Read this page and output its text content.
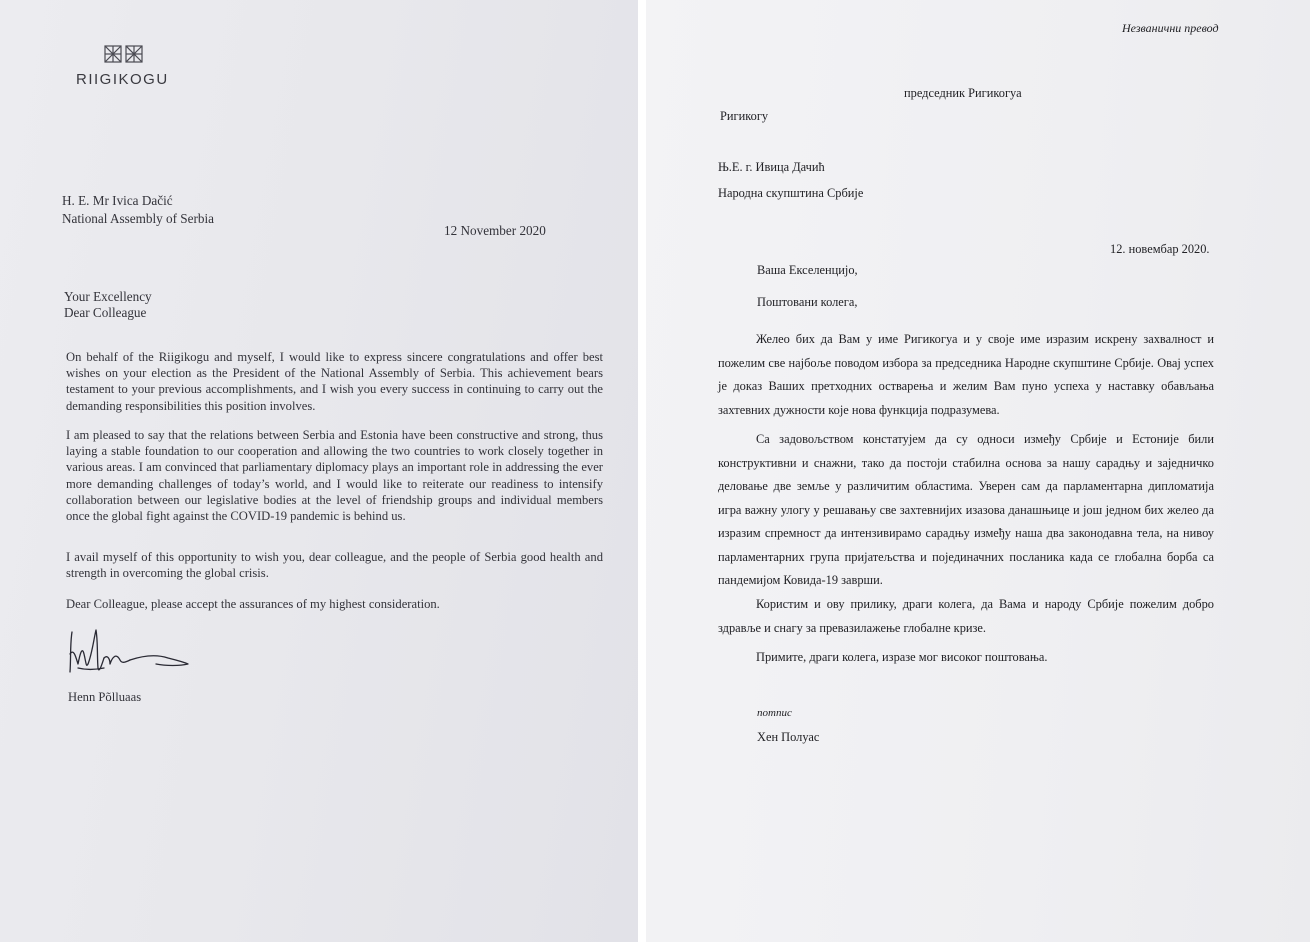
RIIGIKOGU
H. E. Mr Ivica Dačić
National Assembly of Serbia
12 November 2020
Your Excellency
Dear Colleague
On behalf of the Riigikogu and myself, I would like to express sincere congratulations and offer best wishes on your election as the President of the National Assembly of Serbia. This achievement bears testament to your previous accomplishments, and I wish you every success in continuing to carry out the demanding responsibilities this position involves.
I am pleased to say that the relations between Serbia and Estonia have been constructive and strong, thus laying a stable foundation to our cooperation and allowing the two countries to work closely together in various areas. I am convinced that parliamentary diplomacy plays an important role in addressing the ever more demanding challenges of today’s world, and I would like to reiterate our readiness to intensify collaboration between our legislative bodies at the level of friendship groups and individual members once the global fight against the COVID-19 pandemic is behind us.
I avail myself of this opportunity to wish you, dear colleague, and the people of Serbia good health and strength in overcoming the global crisis.
Dear Colleague, please accept the assurances of my highest consideration.
Henn Põlluaas
Незванични превод
председник Ригикогуа
Ригикогу
Њ.Е. г. Ивица Дачић
Народна скупштина Србије
12. новембар 2020.
Ваша Екселенцијо,
Поштовани колега,
Желео бих да Вам у име Ригикогуа и у своје име изразим искрену захвалност и пожелим све најбоље поводом избора за председника Народне скупштине Србије. Овај успех је доказ Ваших претходних остварења и желим Вам пуно успеха у наставку обављања захтевних дужности које нова функција подразумева.
Са задовољством констатујем да су односи између Србије и Естоније били конструктивни и снажни, тако да постоји стабилна основа за нашу сарадњу и заједничко деловање две земље у различитим областима. Уверен сам да парламентарна дипломатија игра важну улогу у решавању све захтевнијих изазова данашњице и још једном бих желео да изразим спремност да интензивирамо сарадњу између наша два законодавна тела, на нивоу парламентарних група пријатељства и појединачних посланика када се глобална борба са пандемијом Ковида-19 заврши.
Користим и ову прилику, драги колега, да Вама и народу Србије пожелим добро здравље и снагу за превазилажење глобалне кризе.
Примите, драги колега, изразе мог високог поштовања.
потпис
Хен Полуас
